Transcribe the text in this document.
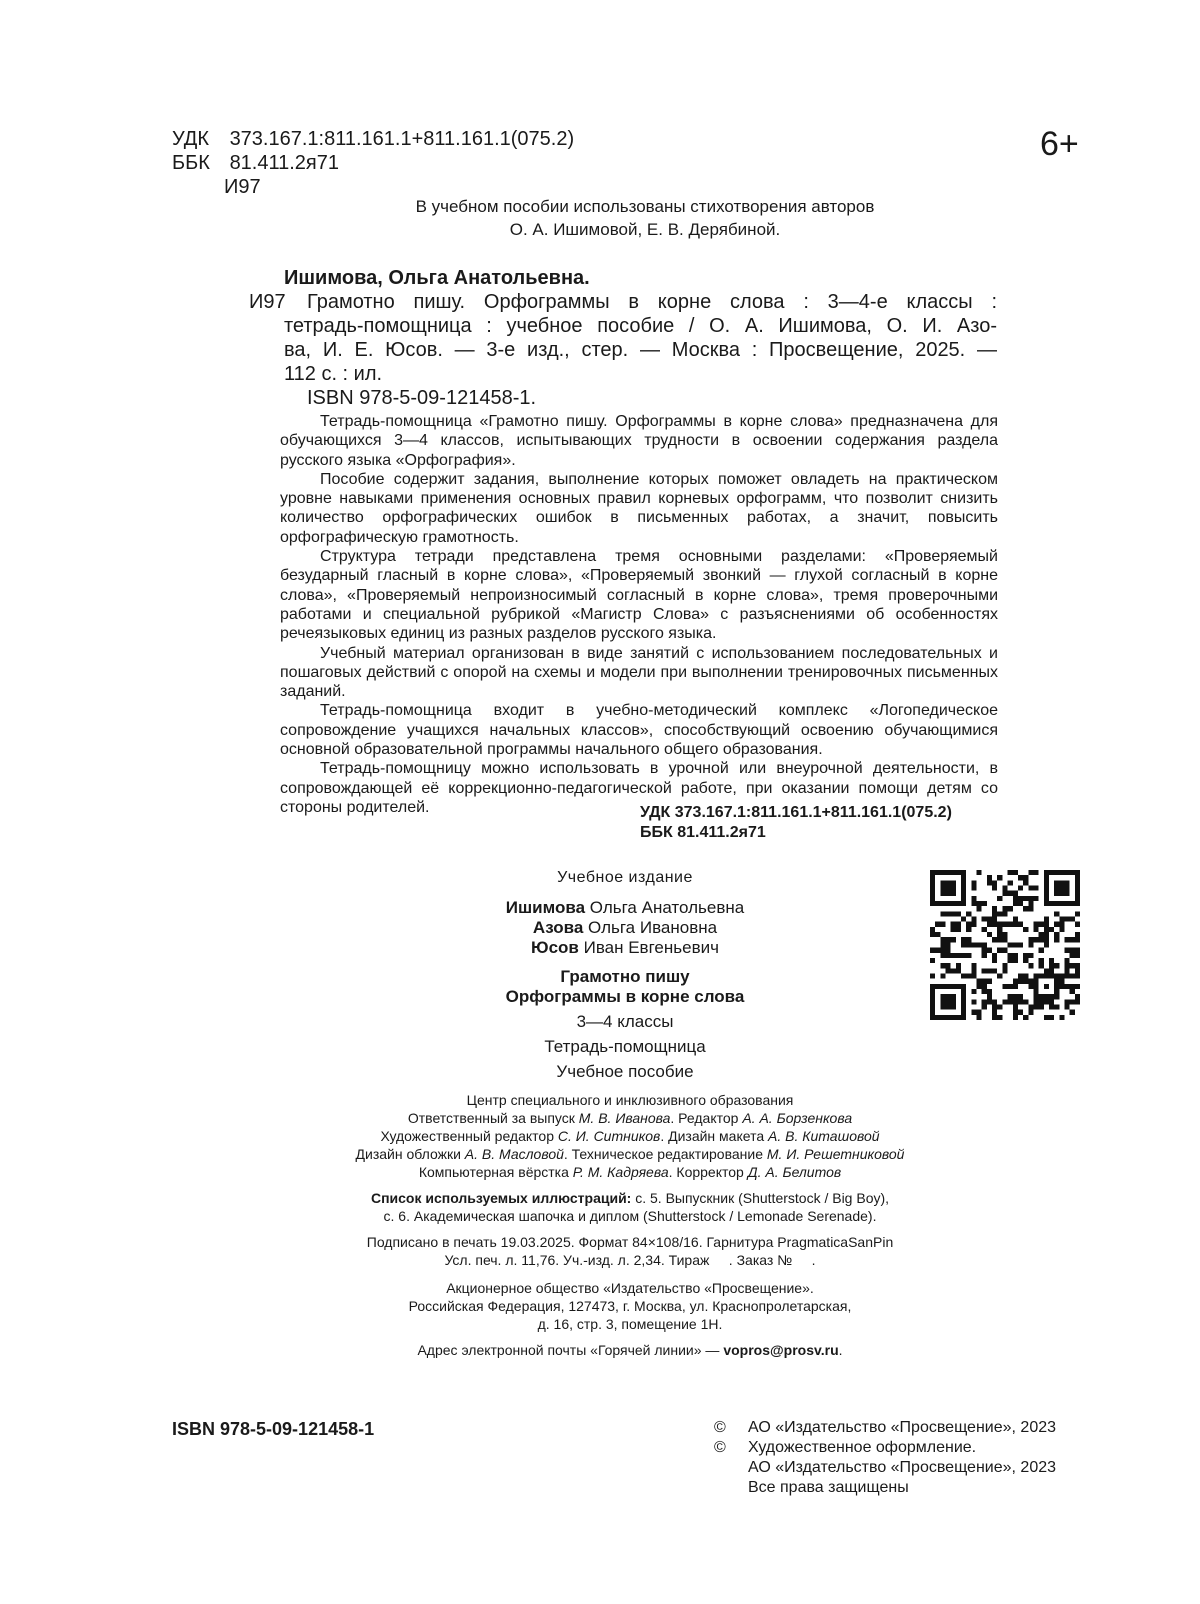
УДК 373.167.1:811.161.1+811.161.1(075.2)
ББК 81.411.2я71
И97
6+
В учебном пособии использованы стихотворения авторов
О. А. Ишимовой, Е. В. Дерябиной.
Ишимова, Ольга Анатольевна.
И97 Грамотно пишу. Орфограммы в корне слова : 3—4-е классы :
тетрадь-помощница : учебное пособие / О. А. Ишимова, О. И. Азо-
ва, И. Е. Юсов. — 3-е изд., стер. — Москва : Просвещение, 2025. —
112 с. : ил.
ISBN 978-5-09-121458-1.

Тетрадь-помощница «Грамотно пишу. Орфограммы в корне слова» предназначена для обучающихся 3—4 классов, испытывающих трудности в освоении содержания раздела русского языка «Орфография».

Пособие содержит задания, выполнение которых поможет овладеть на практическом уровне навыками применения основных правил корневых орфограмм, что позволит снизить количество орфографических ошибок в письменных работах, а значит, повысить орфографическую грамотность.

Структура тетради представлена тремя основными разделами: «Проверяемый безударный гласный в корне слова», «Проверяемый звонкий — глухой согласный в корне слова», «Проверяемый непроизносимый согласный в корне слова», тремя проверочными работами и специальной рубрикой «Магистр Слова» с разъяснениями об особенностях речеязыковых единиц из разных разделов русского языка.

Учебный материал организован в виде занятий с использованием последовательных и пошаговых действий с опорой на схемы и модели при выполнении тренировочных письменных заданий.

Тетрадь-помощница входит в учебно-методический комплекс «Логопедическое сопровождение учащихся начальных классов», способствующий освоению обучающимися основной образовательной программы начального общего образования.

Тетрадь-помощницу можно использовать в урочной или внеурочной деятельности, в сопровождающей её коррекционно-педагогической работе, при оказании помощи детям со стороны родителей.	УДК 373.167.1:811.161.1+811.161.1(075.2)
ББК 81.411.2я71
Учебное издание
Ишимова Ольга Анатольевна
Азова Ольга Ивановна
Юсов Иван Евгеньевич
Грамотно пишу
Орфограммы в корне слова
3—4 классы
Тетрадь-помощница
Учебное пособие
Центр специального и инклюзивного образования
Ответственный за выпуск М. В. Иванова. Редактор А. А. Борзенкова
Художественный редактор С. И. Ситников. Дизайн макета А. В. Киташовой
Дизайн обложки А. В. Масловой. Техническое редактирование М. И. Решетниковой
Компьютерная вёрстка Р. М. Кадряева. Корректор Д. А. Белитов
Список используемых иллюстраций: с. 5. Выпускник (Shutterstock / Big Boy),
с. 6. Академическая шапочка и диплом (Shutterstock / Lemonade Serenade).
Подписано в печать 19.03.2025. Формат 84×108/16. Гарнитура PragmaticaSanPin
Усл. печ. л. 11,76. Уч.-изд. л. 2,34. Тираж     . Заказ №     .
Акционерное общество «Издательство «Просвещение».
Российская Федерация, 127473, г. Москва, ул. Краснопролетарская,
д. 16, стр. 3, помещение 1Н.
Адрес электронной почты «Горячей линии» — vopros@prosv.ru.
ISBN 978-5-09-121458-1	©	АО «Издательство «Просвещение», 2023
©	Художественное оформление.
АО «Издательство «Просвещение», 2023
Все права защищены
